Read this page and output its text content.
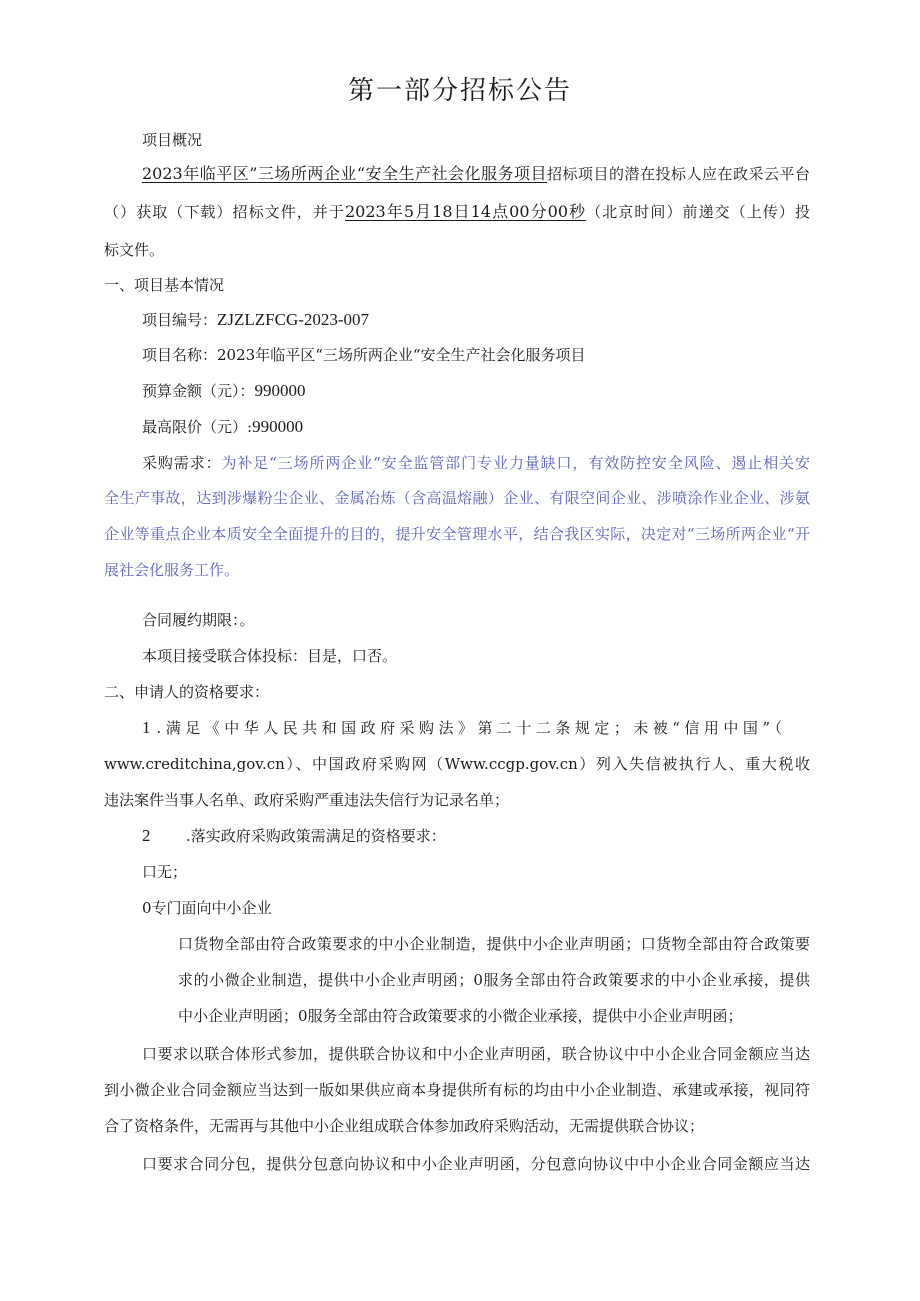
第一部分招标公告
项目概况
2023年临平区”三场所两企业“安全生产社会化服务项目招标项目的潜在投标人应在政采云平台
（）获取（下载）招标文件，并于2023年5月18日14点00分00秒（北京时间）前递交（上传）投
标文件。
一、项目基本情况
项目编号：ZJZLZFCG-2023-007
项目名称：2023年临平区“三场所两企业“安全生产社会化服务项目
预算金额（元）：990000
最高限价（元）:990000
采购需求：为补足“三场所两企业“安全监管部门专业力量缺口，有效防控安全风险、遏止相关安
全生产事故，达到涉爆粉尘企业、金属冶炼（含高温熔融）企业、有限空间企业、涉喷涂作业企业、涉氨
企业等重点企业本质安全全面提升的目的，提升安全管理水平，结合我区实际，决定对“三场所两企业“开
展社会化服务工作。
合同履约期限：。
本项目接受联合体投标：目是，口否。
二、申请人的资格要求：
1 .满足《中华人民共和国政府采购法》第二十二条规定；未被“信用中国”（
www.creditchina,gov.cn）、中国政府采购网（Www.ccgp.gov.cn）列入失信被执行人、重大税收
违法案件当事人名单、政府采购严重违法失信行为记录名单；
2 .落实政府采购政策需满足的资格要求：
口无；
0专门面向中小企业
口货物全部由符合政策要求的中小企业制造，提供中小企业声明函；口货物全部由符合政策要
求的小微企业制造，提供中小企业声明函；0服务全部由符合政策要求的中小企业承接，提供
中小企业声明函；0服务全部由符合政策要求的小微企业承接，提供中小企业声明函；
口要求以联合体形式参加，提供联合协议和中小企业声明函，联合协议中中小企业合同金额应当达
到小微企业合同金额应当达到一版如果供应商本身提供所有标的均由中小企业制造、承建或承接，视同符
合了资格条件，无需再与其他中小企业组成联合体参加政府采购活动，无需提供联合协议；
口要求合同分包，提供分包意向协议和中小企业声明函，分包意向协议中中小企业合同金额应当达
